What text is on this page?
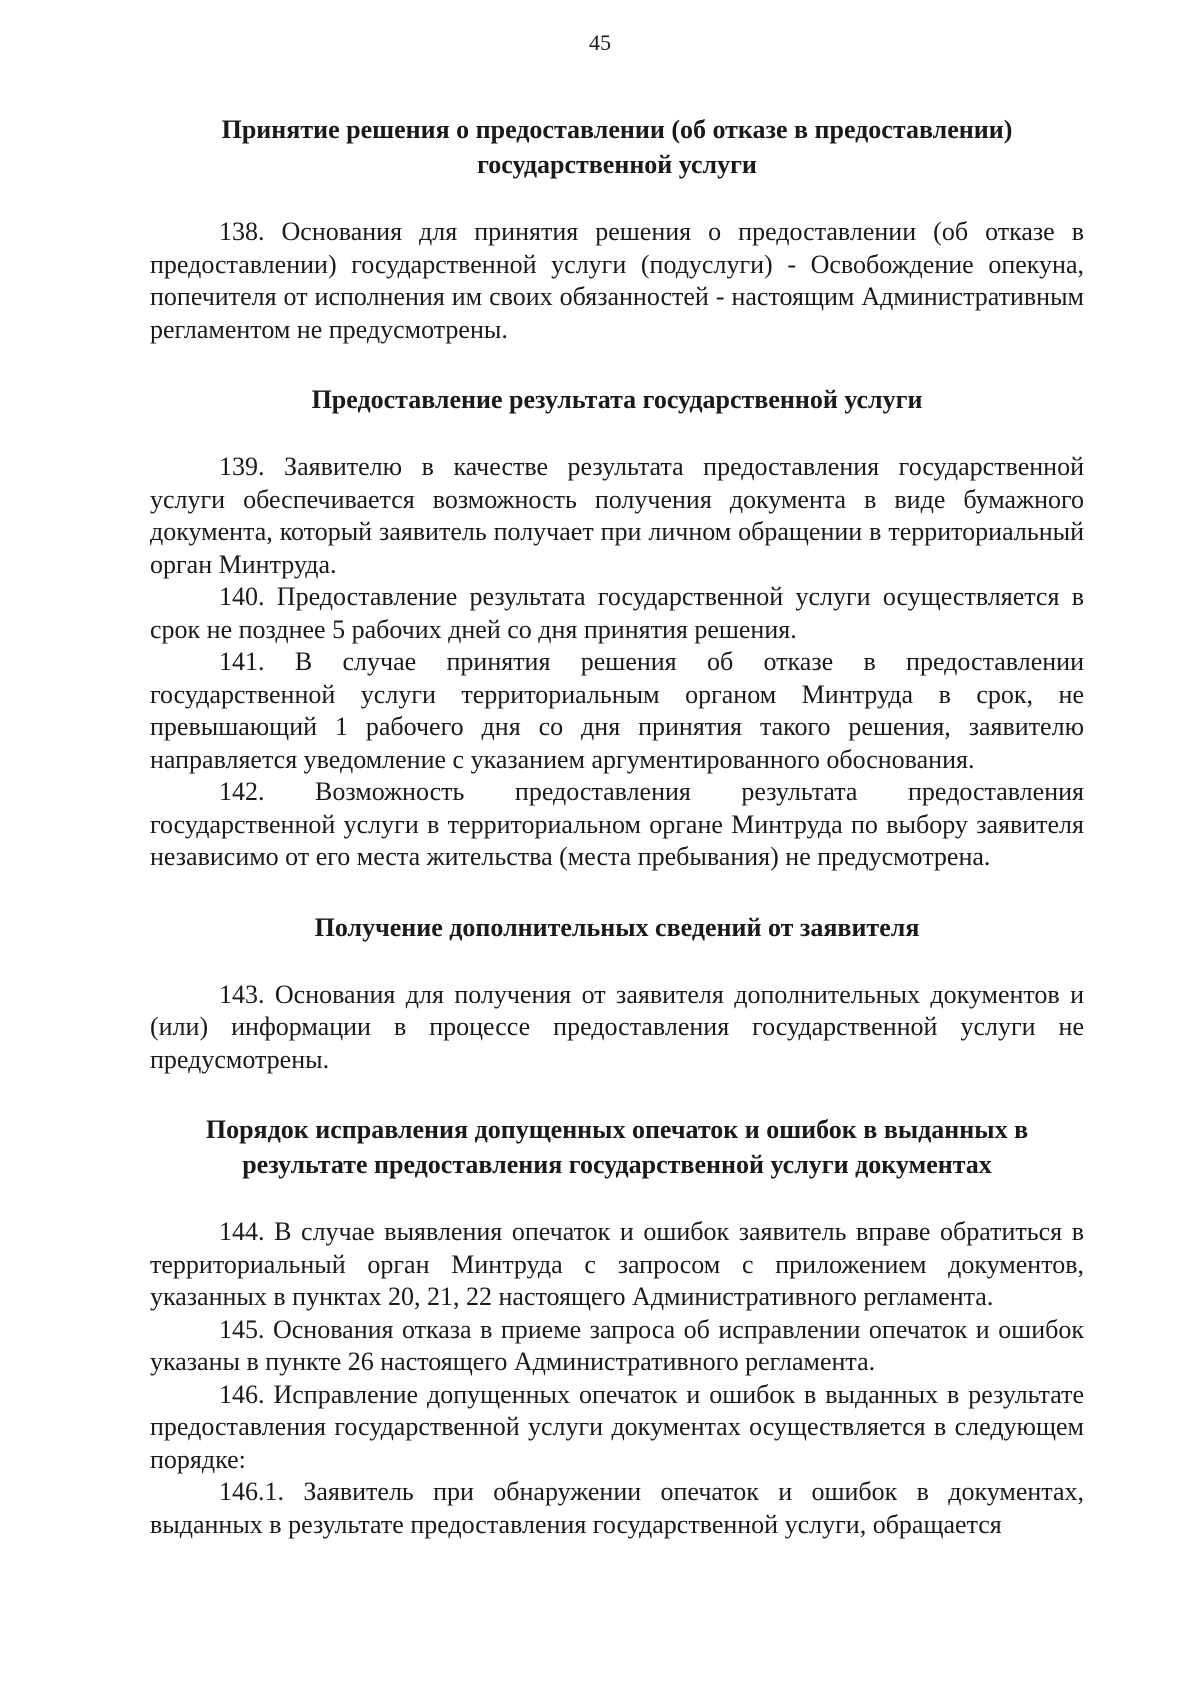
45

Принятие решения о предоставлении (об отказе в предоставлении)
государственной услуги

138. Основания для принятия решения о предоставлении (об отказе в предоставлении) государственной услуги (подуслуги) - Освобождение опекуна, попечителя от исполнения им своих обязанностей - настоящим Административным регламентом не предусмотрены.

Предоставление результата государственной услуги

139. Заявителю в качестве результата предоставления государственной услуги обеспечивается возможность получения документа в виде бумажного документа, который заявитель получает при личном обращении в территориальный орган Минтруда.

140. Предоставление результата государственной услуги осуществляется в срок не позднее 5 рабочих дней со дня принятия решения.

141. В случае принятия решения об отказе в предоставлении государственной услуги территориальным органом Минтруда в срок, не превышающий 1 рабочего дня со дня принятия такого решения, заявителю направляется уведомление с указанием аргументированного обоснования.

142. Возможность предоставления результата предоставления государственной услуги в территориальном органе Минтруда по выбору заявителя независимо от его места жительства (места пребывания) не предусмотрена.

Получение дополнительных сведений от заявителя

143. Основания для получения от заявителя дополнительных документов и (или) информации в процессе предоставления государственной услуги не предусмотрены.

Порядок исправления допущенных опечаток и ошибок в выданных в
результате предоставления государственной услуги документах

144. В случае выявления опечаток и ошибок заявитель вправе обратиться в территориальный орган Минтруда с запросом с приложением документов, указанных в пунктах 20, 21, 22 настоящего Административного регламента.

145. Основания отказа в приеме запроса об исправлении опечаток и ошибок указаны в пункте 26 настоящего Административного регламента.

146. Исправление допущенных опечаток и ошибок в выданных в результате предоставления государственной услуги документах осуществляется в следующем порядке:

146.1. Заявитель при обнаружении опечаток и ошибок в документах, выданных в результате предоставления государственной услуги, обращается
